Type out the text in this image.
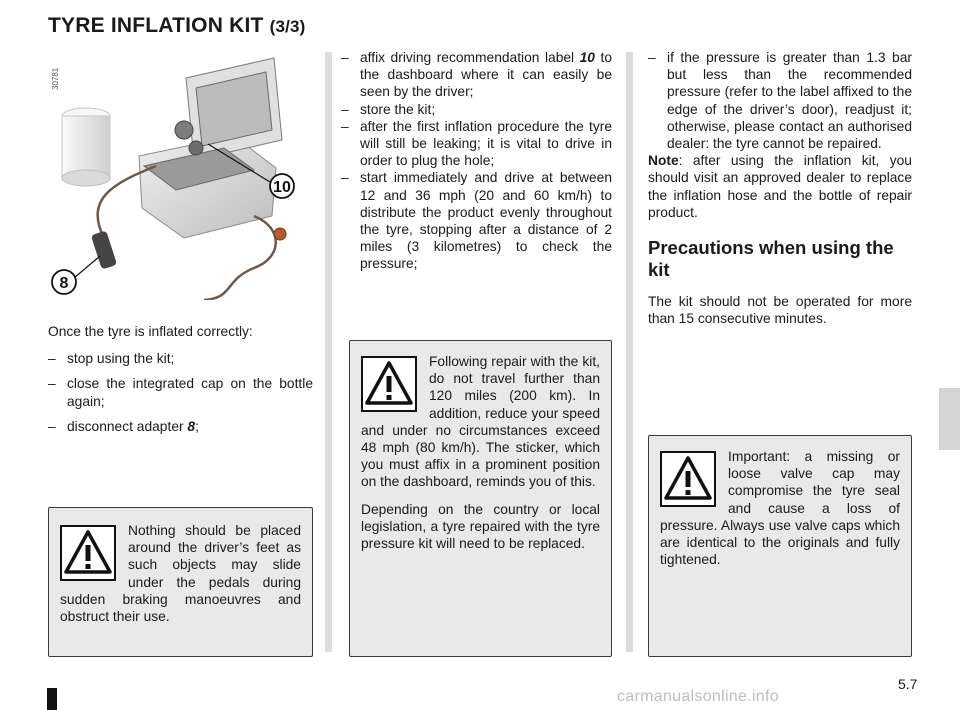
TYRE INFLATION KIT (3/3)
30781
10
8

Once the tyre is inflated correctly:

– stop using the kit;
– close the integrated cap on the bottle again;
– disconnect adapter 8;
– affix driving recommendation label 10 to the dashboard where it can easily be seen by the driver;
– store the kit;
– after the first inflation procedure the tyre will still be leaking; it is vital to drive in order to plug the hole;
– start immediately and drive at between 12 and 36 mph (20 and 60 km/h) to distribute the product evenly throughout the tyre, stopping after a distance of 2 miles (3 kilometres) to check the pressure;
– if the pressure is greater than 1.3 bar but less than the recommended pressure (refer to the label affixed to the edge of the driver’s door), readjust it; otherwise, please contact an authorised dealer: the tyre cannot be repaired.

Note: after using the inflation kit, you should visit an approved dealer to replace the inflation hose and the bottle of repair product.

Precautions when using the kit

The kit should not be operated for more than 15 consecutive minutes.

Nothing should be placed around the driver’s feet as such objects may slide under the pedals during sudden braking manoeuvres and obstruct their use.

Following repair with the kit, do not travel further than 120 miles (200 km). In addition, reduce your speed and under no circumstances exceed 48 mph (80 km/h). The sticker, which you must affix in a prominent position on the dashboard, reminds you of this.

Depending on the country or local legislation, a tyre repaired with the tyre pressure kit will need to be replaced.

Important: a missing or loose valve cap may compromise the tyre seal and cause a loss of pressure. Always use valve caps which are identical to the originals and fully tightened.

5.7
carmanualsonline.info
